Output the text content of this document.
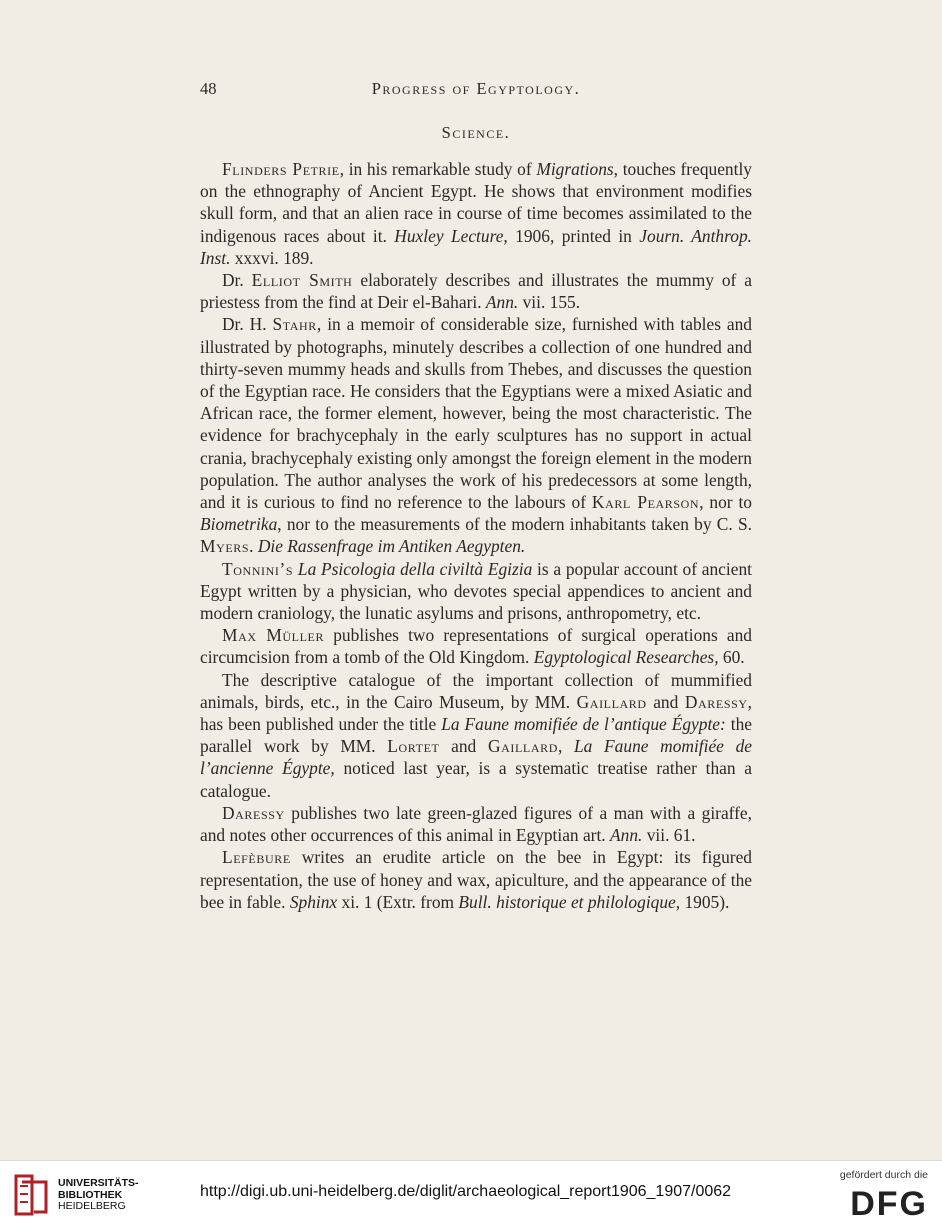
48	Progress of Egyptology.
Science.

Flinders Petrie, in his remarkable study of Migrations, touches frequently on the ethnography of Ancient Egypt. He shows that environment modifies skull form, and that an alien race in course of time becomes assimilated to the indigenous races about it. Huxley Lecture, 1906, printed in Journ. Anthrop. Inst. xxxvi. 189.

Dr. Elliot Smith elaborately describes and illustrates the mummy of a priestess from the find at Deir el-Bahari. Ann. vii. 155.

Dr. H. Stahr, in a memoir of considerable size, furnished with tables and illustrated by photographs, minutely describes a collection of one hundred and thirty-seven mummy heads and skulls from Thebes, and discusses the question of the Egyptian race. He considers that the Egyptians were a mixed Asiatic and African race, the former element, however, being the most characteristic. The evidence for brachycephaly in the early sculptures has no support in actual crania, brachycephaly existing only amongst the foreign element in the modern population. The author analyses the work of his predecessors at some length, and it is curious to find no reference to the labours of Karl Pearson, nor to Biometrika, nor to the measurements of the modern inhabitants taken by C. S. Myers. Die Rassenfrage im Antiken Aegypten.

Tonnini’s La Psicologia della civiltà Egizia is a popular account of ancient Egypt written by a physician, who devotes special appendices to ancient and modern craniology, the lunatic asylums and prisons, anthropometry, etc.

Max Müller publishes two representations of surgical operations and circumcision from a tomb of the Old Kingdom. Egyptological Researches, 60.

The descriptive catalogue of the important collection of mummified animals, birds, etc., in the Cairo Museum, by MM. Gaillard and Daressy, has been published under the title La Faune momifiée de l’antique Égypte: the parallel work by MM. Lortet and Gaillard, La Faune momifiée de l’ancienne Égypte, noticed last year, is a systematic treatise rather than a catalogue.

Daressy publishes two late green-glazed figures of a man with a giraffe, and notes other occurrences of this animal in Egyptian art. Ann. vii. 61.

Lefèbure writes an erudite article on the bee in Egypt: its figured representation, the use of honey and wax, apiculture, and the appearance of the bee in fable. Sphinx xi. 1 (Extr. from Bull. historique et philologique, 1905).

UNIVERSITÄTS-
BIBLIOTHEK
HEIDELBERG
http://digi.ub.uni-heidelberg.de/diglit/archaeological_report1906_1907/0062
gefördert durch die
DFG
